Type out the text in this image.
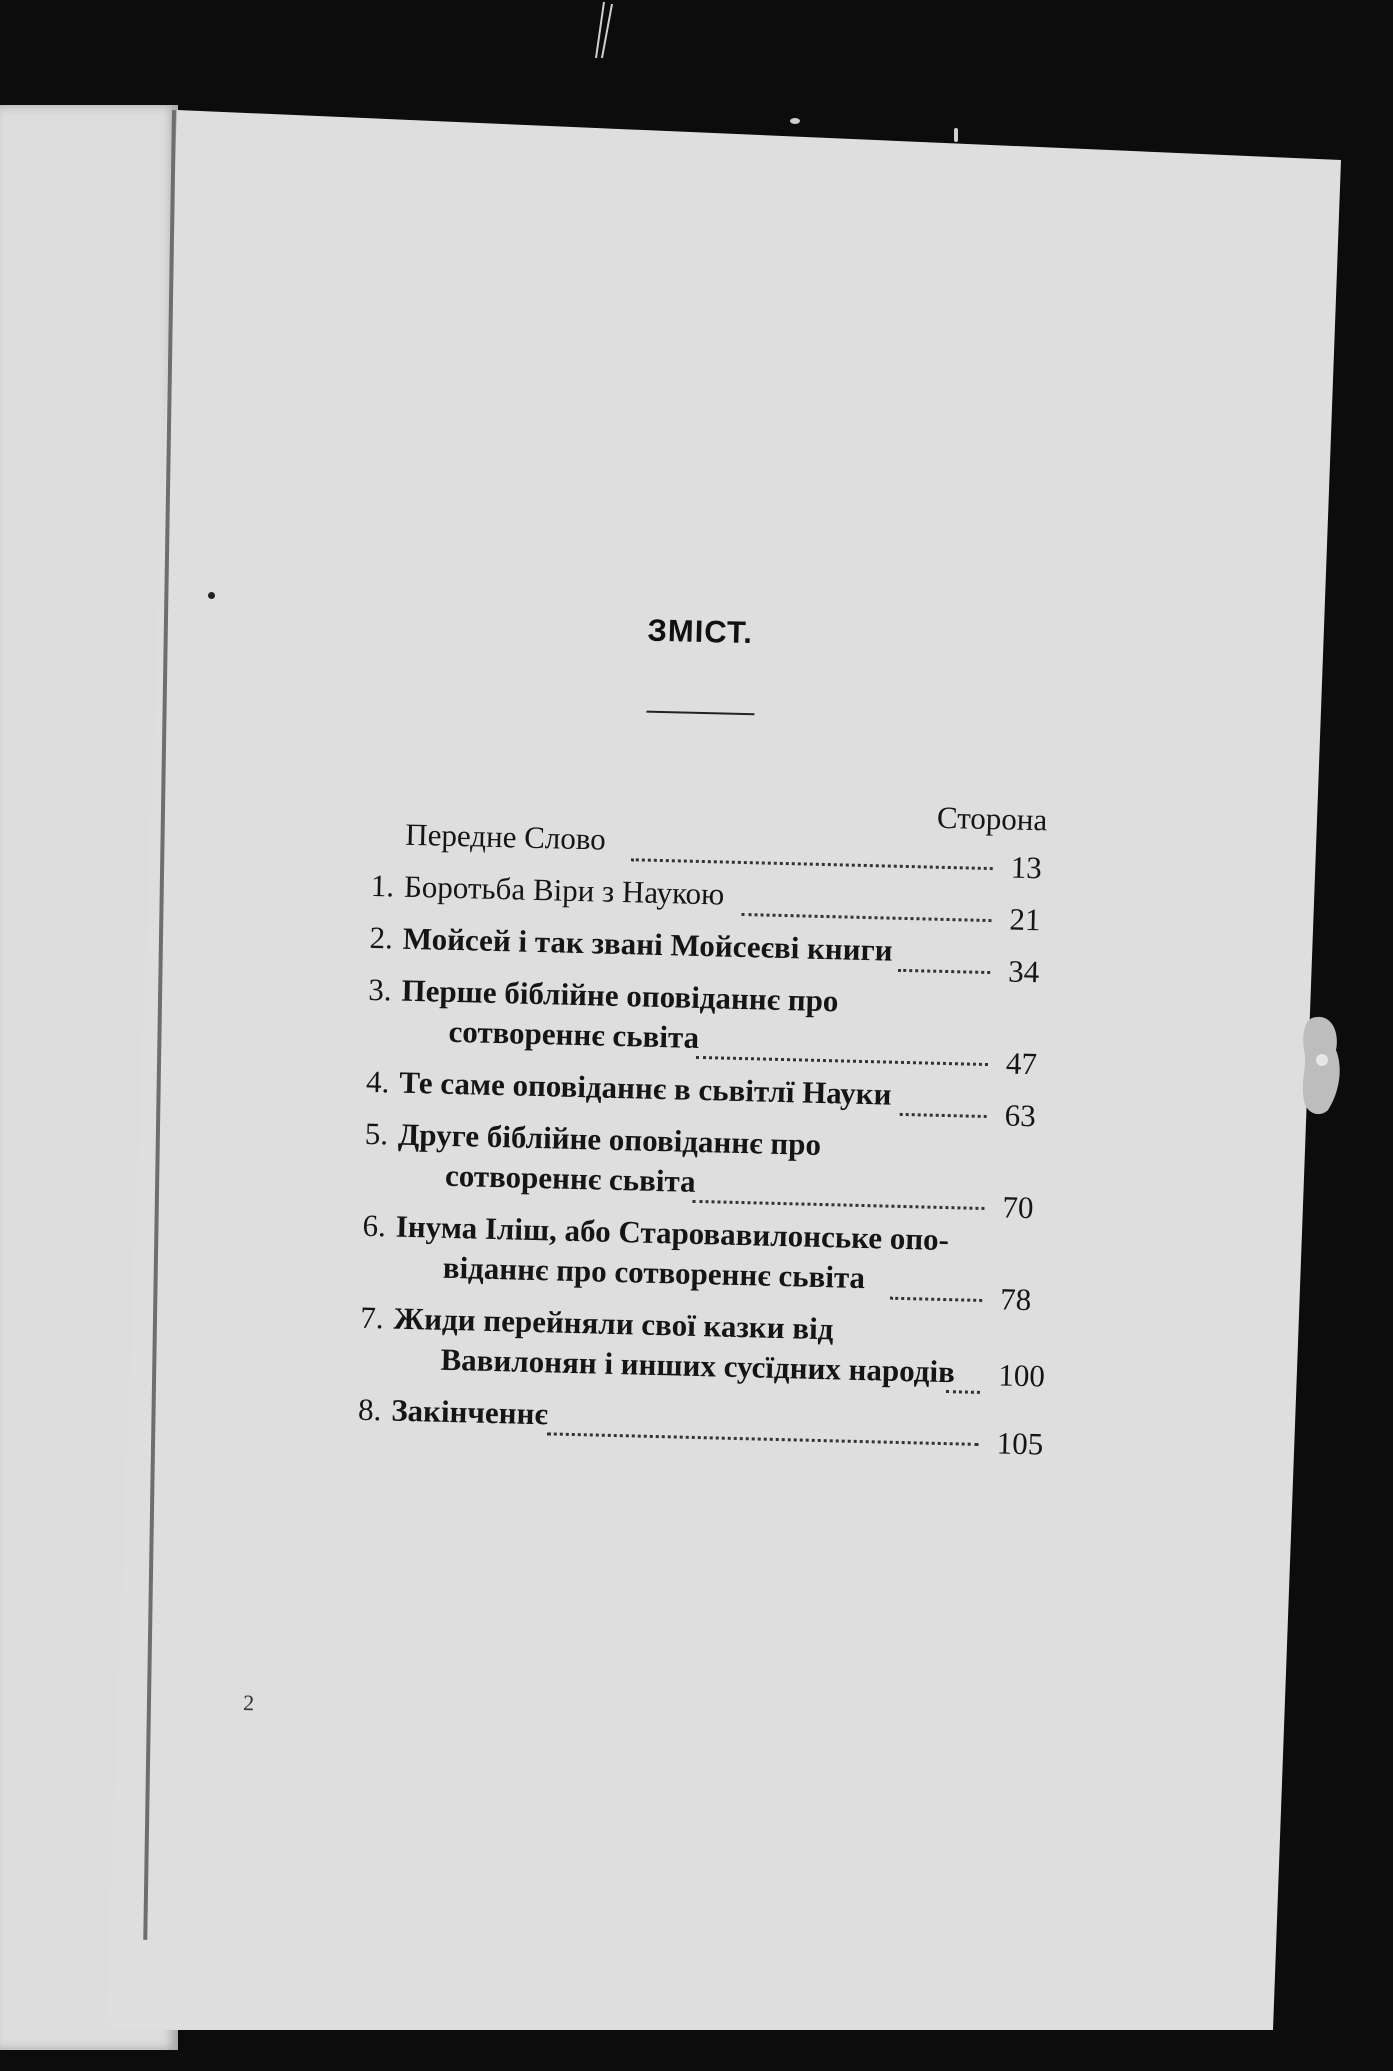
ЗМІСТ.
Сторона
Передне Слово
13
1. Боротьба Віри з Наукою
21
2. Мойсей і так звані Мойсеєві книги
34
3. Перше біблійне оповіданнє про
сотвореннє сьвіта
47
4. Те саме оповіданнє в сьвітлї Науки
63
5. Друге біблійне оповіданнє про
сотвореннє сьвіта
70
6. Інума Іліш, або Старовавилонське опо-
віданнє про сотвореннє сьвіта
78
7. Жиди перейняли свої казки від
Вавилонян і инших сусїдних народів 100
8. Закінченнє
105
2
